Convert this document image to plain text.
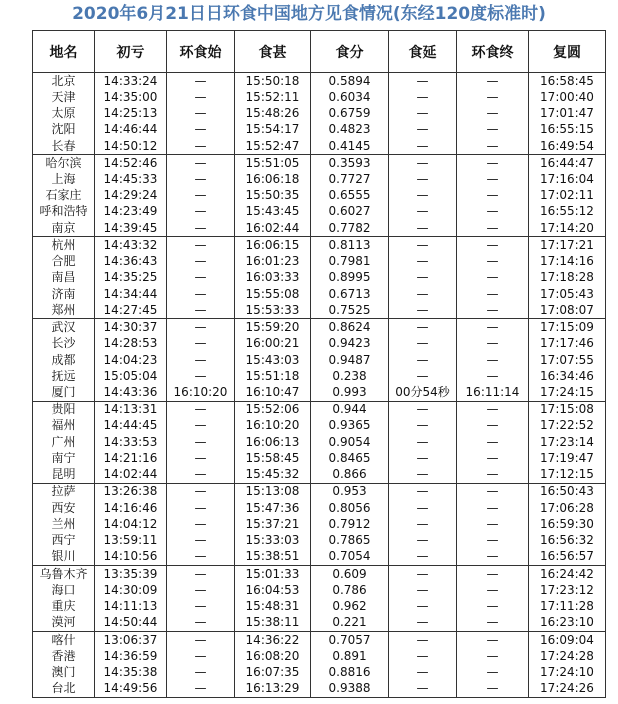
2020年6月21日日环食中国地方见食情况(东经120度标准时)
地名	初亏	环食始	食甚	食分	食延	环食终	复圆
北京	14:33:24	—	15:50:18	0.5894	—	—	16:58:45
天津	14:35:00	—	15:52:11	0.6034	—	—	17:00:40
太原	14:25:13	—	15:48:26	0.6759	—	—	17:01:47
沈阳	14:46:44	—	15:54:17	0.4823	—	—	16:55:15
长春	14:50:12	—	15:52:47	0.4145	—	—	16:49:54
哈尔滨	14:52:46	—	15:51:05	0.3593	—	—	16:44:47
上海	14:45:33	—	16:06:18	0.7727	—	—	17:16:04
石家庄	14:29:24	—	15:50:35	0.6555	—	—	17:02:11
呼和浩特	14:23:49	—	15:43:45	0.6027	—	—	16:55:12
南京	14:39:45	—	16:02:44	0.7782	—	—	17:14:20
杭州	14:43:32	—	16:06:15	0.8113	—	—	17:17:21
合肥	14:36:43	—	16:01:23	0.7981	—	—	17:14:16
南昌	14:35:25	—	16:03:33	0.8995	—	—	17:18:28
济南	14:34:44	—	15:55:08	0.6713	—	—	17:05:43
郑州	14:27:45	—	15:53:33	0.7525	—	—	17:08:07
武汉	14:30:37	—	15:59:20	0.8624	—	—	17:15:09
长沙	14:28:53	—	16:00:21	0.9423	—	—	17:17:46
成都	14:04:23	—	15:43:03	0.9487	—	—	17:07:55
抚远	15:05:04	—	15:51:18	0.238	—	—	16:34:46
厦门	14:43:36	16:10:20	16:10:47	0.993	00分54秒	16:11:14	17:24:15
贵阳	14:13:31	—	15:52:06	0.944	—	—	17:15:08
福州	14:44:45	—	16:10:20	0.9365	—	—	17:22:52
广州	14:33:53	—	16:06:13	0.9054	—	—	17:23:14
南宁	14:21:16	—	15:58:45	0.8465	—	—	17:19:47
昆明	14:02:44	—	15:45:32	0.866	—	—	17:12:15
拉萨	13:26:38	—	15:13:08	0.953	—	—	16:50:43
西安	14:16:46	—	15:47:36	0.8056	—	—	17:06:28
兰州	14:04:12	—	15:37:21	0.7912	—	—	16:59:30
西宁	13:59:11	—	15:33:03	0.7865	—	—	16:56:32
银川	14:10:56	—	15:38:51	0.7054	—	—	16:56:57
乌鲁木齐	13:35:39	—	15:01:33	0.609	—	—	16:24:42
海口	14:30:09	—	16:04:53	0.786	—	—	17:23:12
重庆	14:11:13	—	15:48:31	0.962	—	—	17:11:28
漠河	14:50:44	—	15:38:11	0.221	—	—	16:23:10
喀什	13:06:37	—	14:36:22	0.7057	—	—	16:09:04
香港	14:36:59	—	16:08:20	0.891	—	—	17:24:28
澳门	14:35:38	—	16:07:35	0.8816	—	—	17:24:10
台北	14:49:56	—	16:13:29	0.9388	—	—	17:24:26
